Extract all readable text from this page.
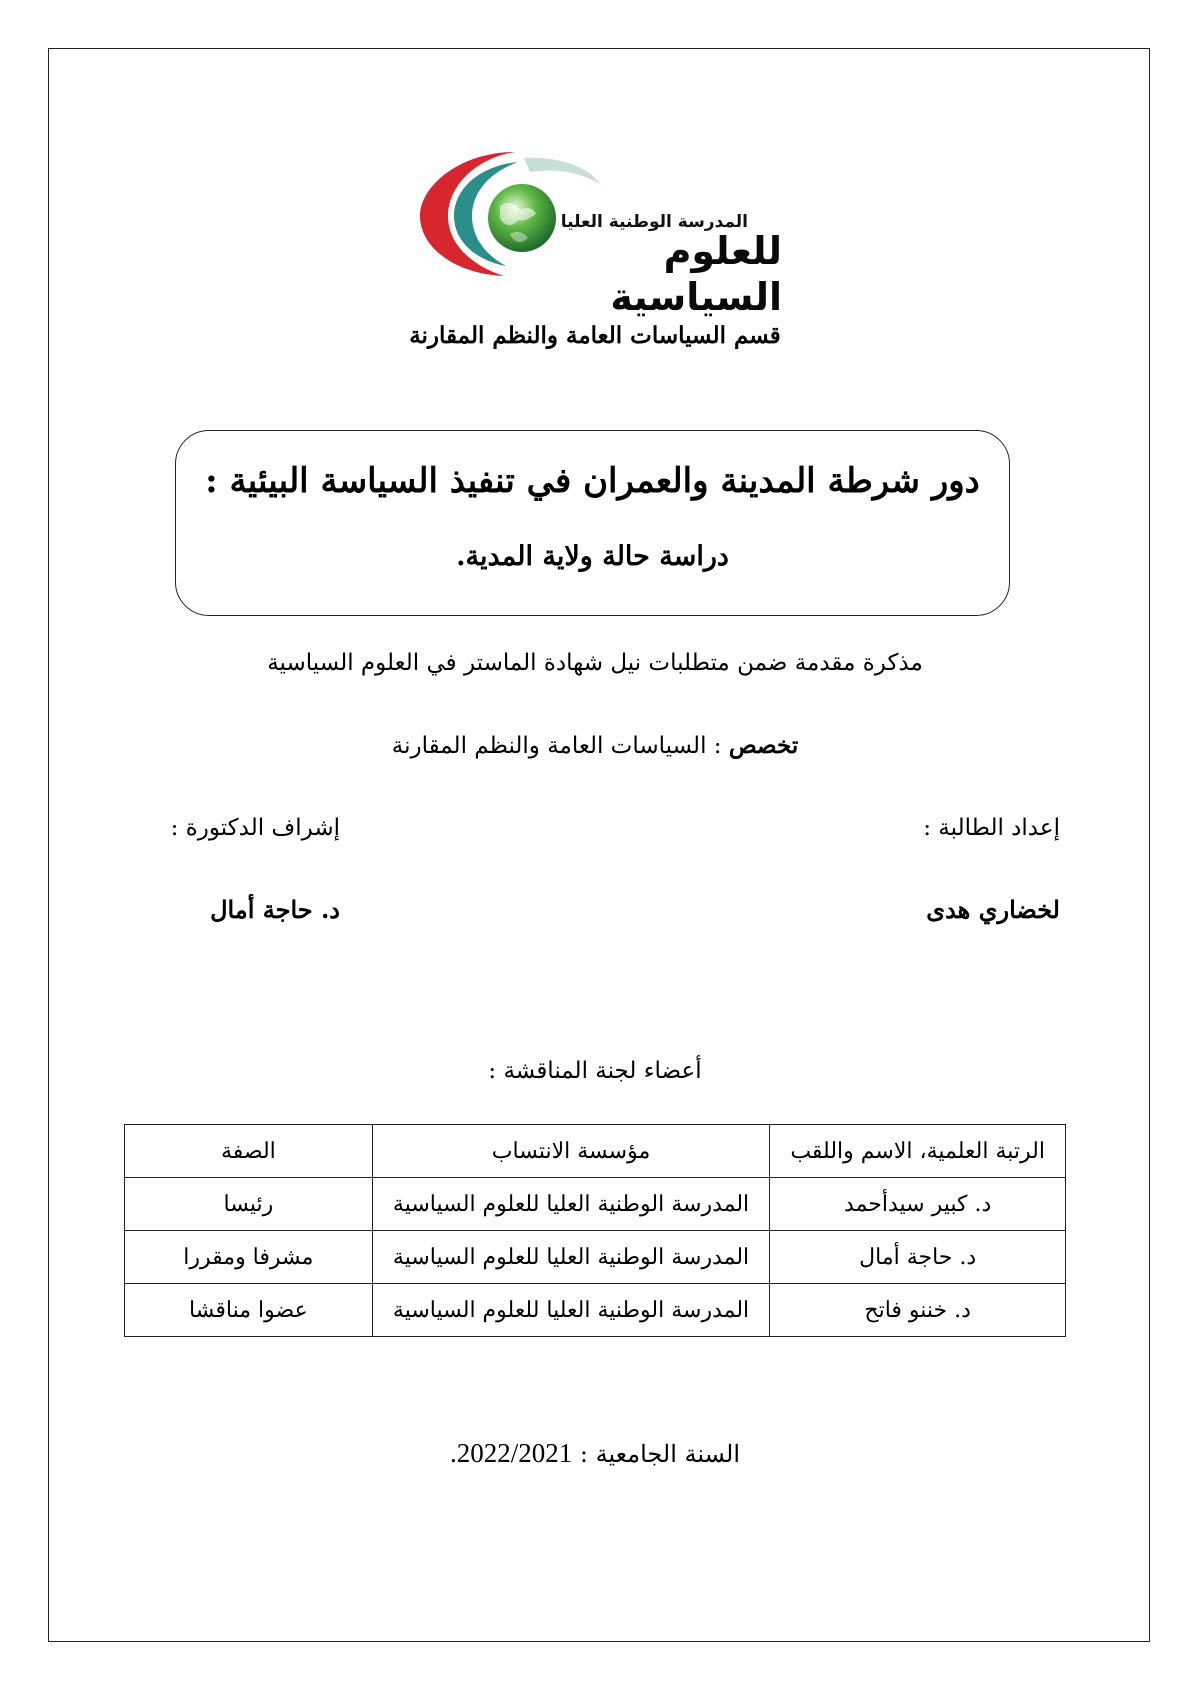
المدرسة الوطنية العليا
للعلوم السياسية
قسم السياسات العامة والنظم المقارنة
دور شرطة المدينة والعمران في تنفيذ السياسة البيئية :
دراسة حالة ولاية المدية.
مذكرة مقدمة ضمن متطلبات نيل شهادة الماستر في العلوم السياسية
تخصص : السياسات العامة والنظم المقارنة
إعداد الطالبة :
إشراف الدكتورة :
لخضاري هدى
د. حاجة أمال
أعضاء لجنة المناقشة :
الرتبة العلمية، الاسم واللقب	مؤسسة الانتساب	الصفة
د. كبير سيدأحمد	المدرسة الوطنية العليا للعلوم السياسية	رئيسا
د. حاجة أمال	المدرسة الوطنية العليا للعلوم السياسية	مشرفا ومقررا
د. خننو فاتح	المدرسة الوطنية العليا للعلوم السياسية	عضوا مناقشا
السنة الجامعية : 2022/2021.
